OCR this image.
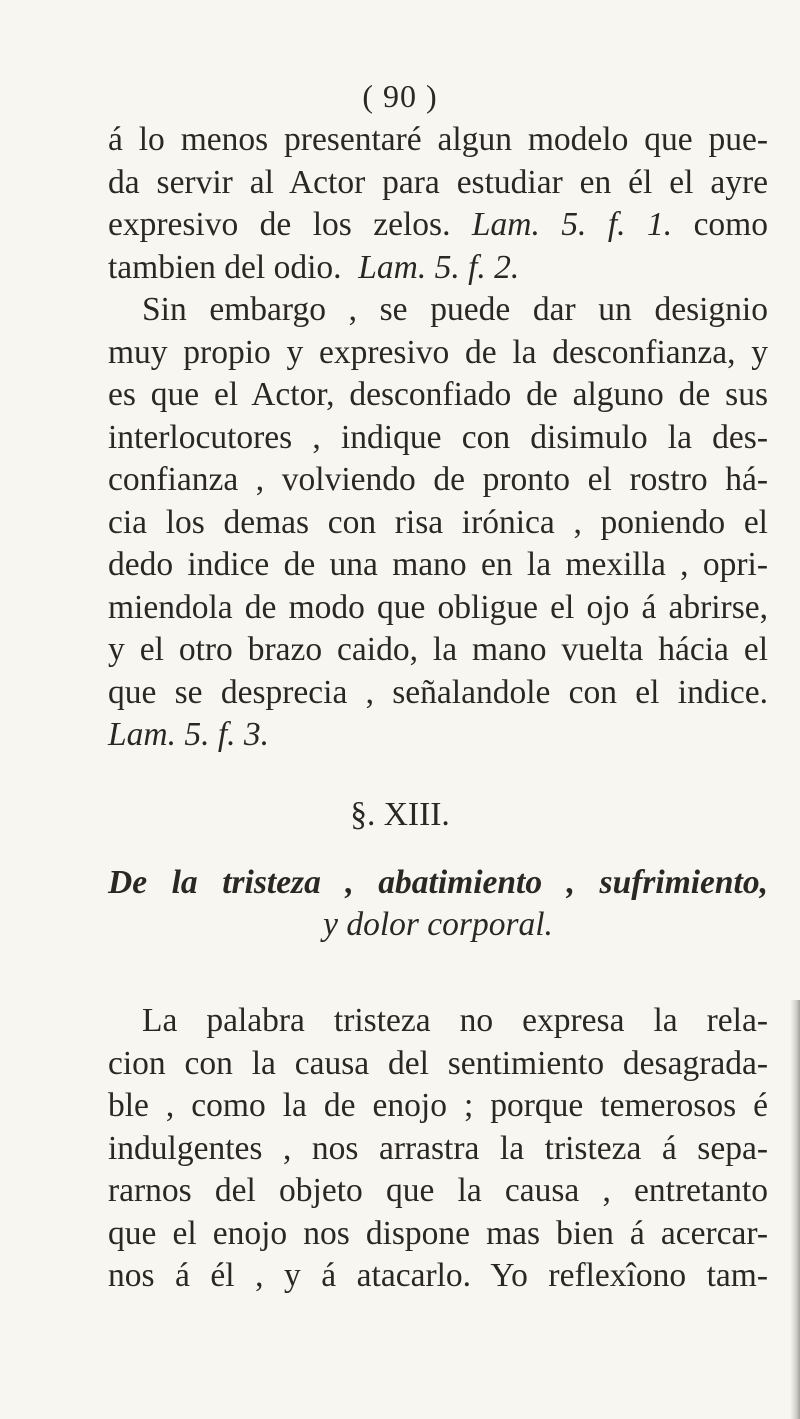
( 90 )
á lo menos presentaré algun modelo que pue-
da servir al Actor para estudiar en él el ayre
expresivo de los zelos. Lam. 5. f. 1. como
tambien del odio. Lam. 5. f. 2.
Sin embargo , se puede dar un designio
muy propio y expresivo de la desconfianza, y
es que el Actor, desconfiado de alguno de sus
interlocutores , indique con disimulo la des-
confianza , volviendo de pronto el rostro há-
cia los demas con risa irónica , poniendo el
dedo indice de una mano en la mexilla , opri-
miendola de modo que obligue el ojo á abrirse,
y el otro brazo caido, la mano vuelta hácia el
que se desprecia , señalandole con el indice.
Lam. 5. f. 3.
§. XIII.
De la tristeza , abatimiento , sufrimiento,
y dolor corporal.
La palabra tristeza no expresa la rela-
cion con la causa del sentimiento desagrada-
ble , como la de enojo ; porque temerosos é
indulgentes , nos arrastra la tristeza á sepa-
rarnos del objeto que la causa , entretanto
que el enojo nos dispone mas bien á acercar-
nos á él , y á atacarlo. Yo reflexîono tam-
